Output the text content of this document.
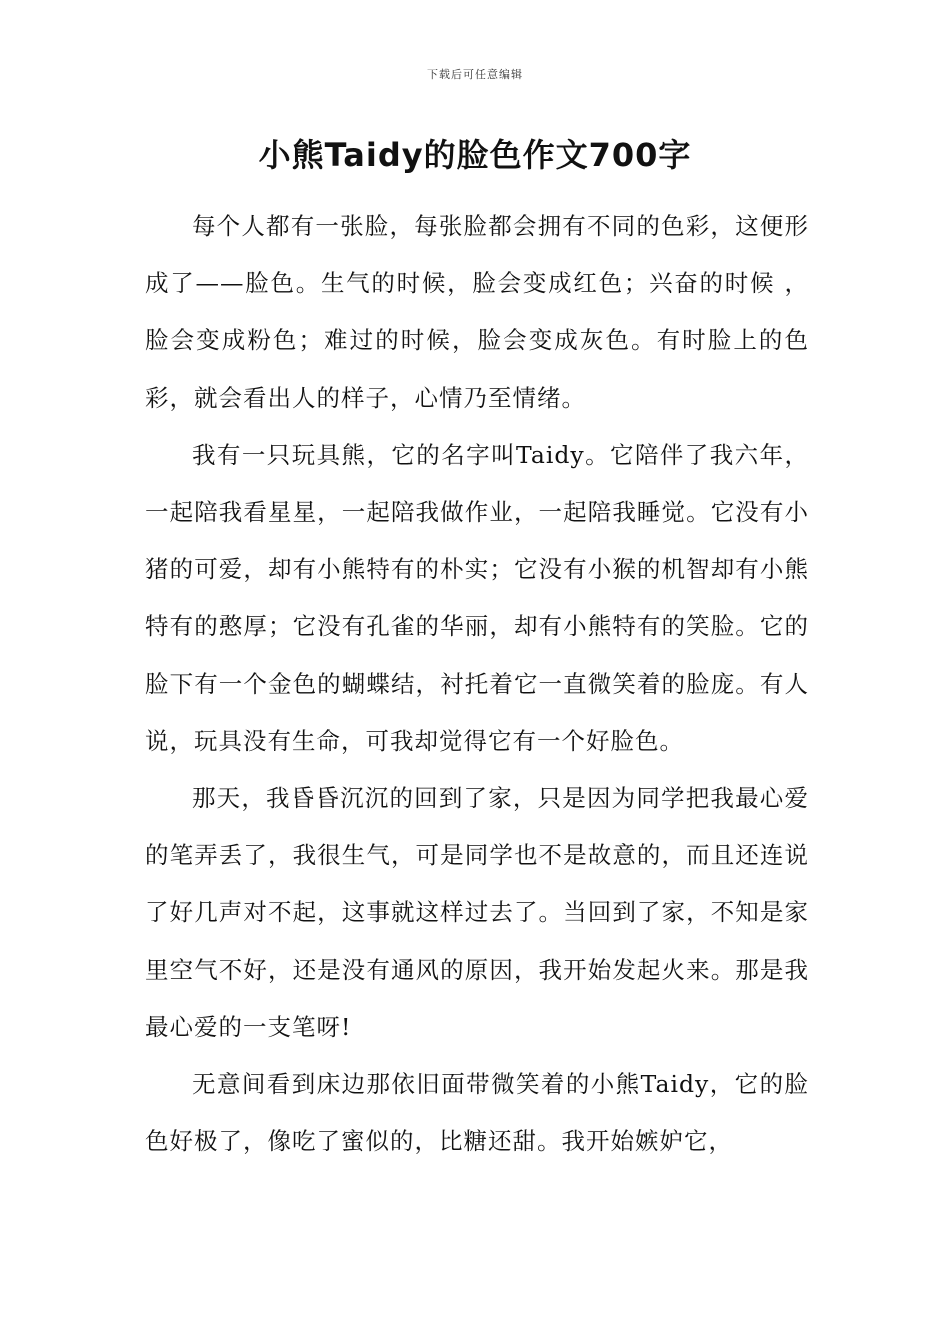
下载后可任意编辑
小熊Taidy的脸色作文700字

每个人都有一张脸，每张脸都会拥有不同的色彩，这便形成了——脸色。生气的时候，脸会变成红色；兴奋的时候 ，脸会变成粉色；难过的时候，脸会变成灰色。有时脸上的色彩，就会看出人的样子，心情乃至情绪。

我有一只玩具熊，它的名字叫Taidy。它陪伴了我六年，一起陪我看星星，一起陪我做作业，一起陪我睡觉。它没有小猪的可爱，却有小熊特有的朴实；它没有小猴的机智却有小熊特有的憨厚；它没有孔雀的华丽，却有小熊特有的笑脸。它的脸下有一个金色的蝴蝶结，衬托着它一直微笑着的脸庞。有人说，玩具没有生命，可我却觉得它有一个好脸色。

那天，我昏昏沉沉的回到了家，只是因为同学把我最心爱的笔弄丢了，我很生气，可是同学也不是故意的，而且还连说了好几声对不起，这事就这样过去了。当回到了家，不知是家里空气不好，还是没有通风的原因，我开始发起火来。那是我最心爱的一支笔呀!

无意间看到床边那依旧面带微笑着的小熊Taidy，它的脸色好极了，像吃了蜜似的，比糖还甜。我开始嫉妒它，
